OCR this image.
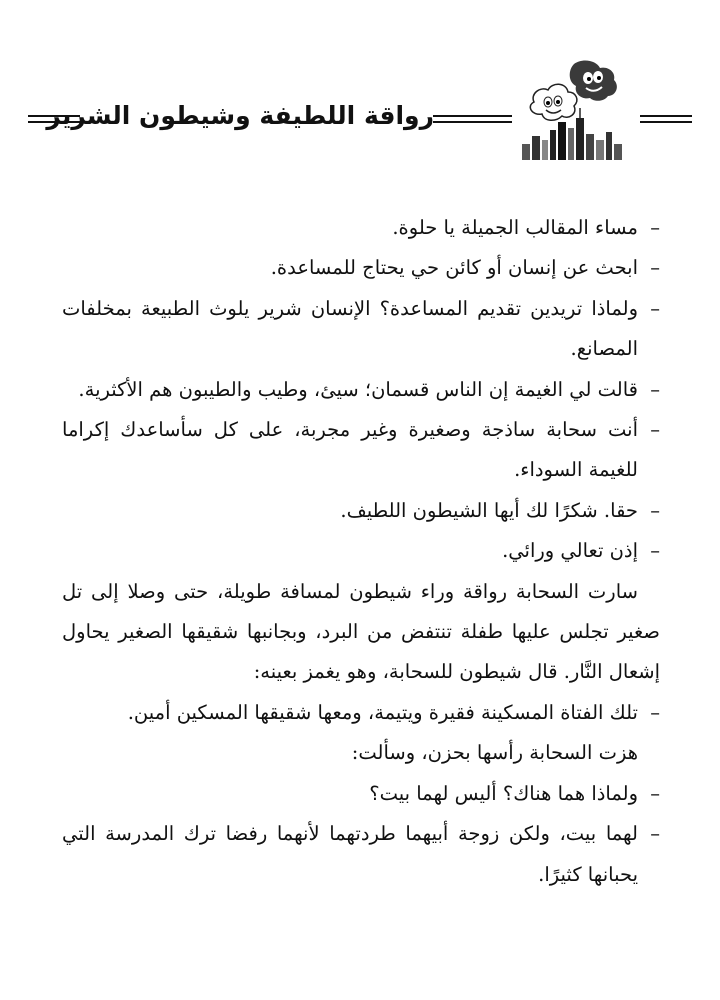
رواقة اللطيفة وشيطون الشرير

–مساء المقالب الجميلة يا حلوة.

–ابحث عن إنسان أو كائن حي يحتاج للمساعدة.

–ولماذا تريدين تقديم المساعدة؟ الإنسان شرير يلوث الطبيعة بمخلفات المصانع.

–قالت لي الغيمة إن الناس قسمان؛ سيئ، وطيب والطيبون هم الأكثرية.

–أنت سحابة ساذجة وصغيرة وغير مجربة، على كل سأساعدك إكراما للغيمة السوداء.

–حقا. شكرًا لك أيها الشيطون اللطيف.

–إذن تعالي ورائي.

سارت السحابة رواقة وراء شيطون لمسافة طويلة، حتى وصلا إلى تل صغير تجلس عليها طفلة تنتفض من البرد، وبجانبها شقيقها الصغير يحاول إشعال النَّار. قال شيطون للسحابة، وهو يغمز بعينه:

–تلك الفتاة المسكينة فقيرة ويتيمة، ومعها شقيقها المسكين أمين.

هزت السحابة رأسها بحزن، وسألت:

–ولماذا هما هناك؟ أليس لهما بيت؟

–لهما بيت، ولكن زوجة أبيهما طردتهما لأنهما رفضا ترك المدرسة التي يحبانها كثيرًا.
